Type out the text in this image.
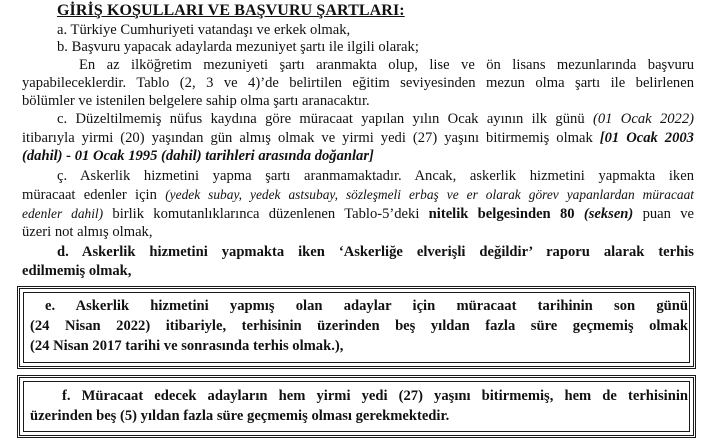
GİRİŞ KOŞULLARI VE BAŞVURU ŞARTLARI:
a. Türkiye Cumhuriyeti vatandaşı ve erkek olmak,
b. Başvuru yapacak adaylarda mezuniyet şartı ile ilgili olarak;
En az ilköğretim mezuniyeti şartı aranmakta olup, lise ve ön lisans mezunlarında başvuru
yapabileceklerdir. Tablo (2, 3 ve 4)’de belirtilen eğitim seviyesinden mezun olma şartı ile belirlenen
bölümler ve istenilen belgelere sahip olma şartı aranacaktır.
c. Düzeltilmemiş nüfus kaydına göre müracaat yapılan yılın Ocak ayının ilk günü (01 Ocak 2022)
itibarıyla yirmi (20) yaşından gün almış olmak ve yirmi yedi (27) yaşını bitirmemiş olmak [01 Ocak 2003
(dahil) - 01 Ocak 1995 (dahil) tarihleri arasında doğanlar]
ç. Askerlik hizmetini yapma şartı aranmamaktadır. Ancak, askerlik hizmetini yapmakta iken
müracaat edenler için (yedek subay, yedek astsubay, sözleşmeli erbaş ve er olarak görev yapanlardan müracaat
edenler dahil) birlik komutanlıklarınca düzenlenen Tablo-5’deki nitelik belgesinden 80 (seksen) puan ve
üzeri not almış olmak,
d. Askerlik hizmetini yapmakta iken ‘Askerliğe elverişli değildir’ raporu alarak terhis
edilmemiş olmak,
e. Askerlik hizmetini yapmış olan adaylar için müracaat tarihinin son günü
(24 Nisan 2022) itibariyle, terhisinin üzerinden beş yıldan fazla süre geçmemiş olmak
(24 Nisan 2017 tarihi ve sonrasında terhis olmak.),
f. Müracaat edecek adayların hem yirmi yedi (27) yaşını bitirmemiş, hem de terhisinin
üzerinden beş (5) yıldan fazla süre geçmemiş olması gerekmektedir.
